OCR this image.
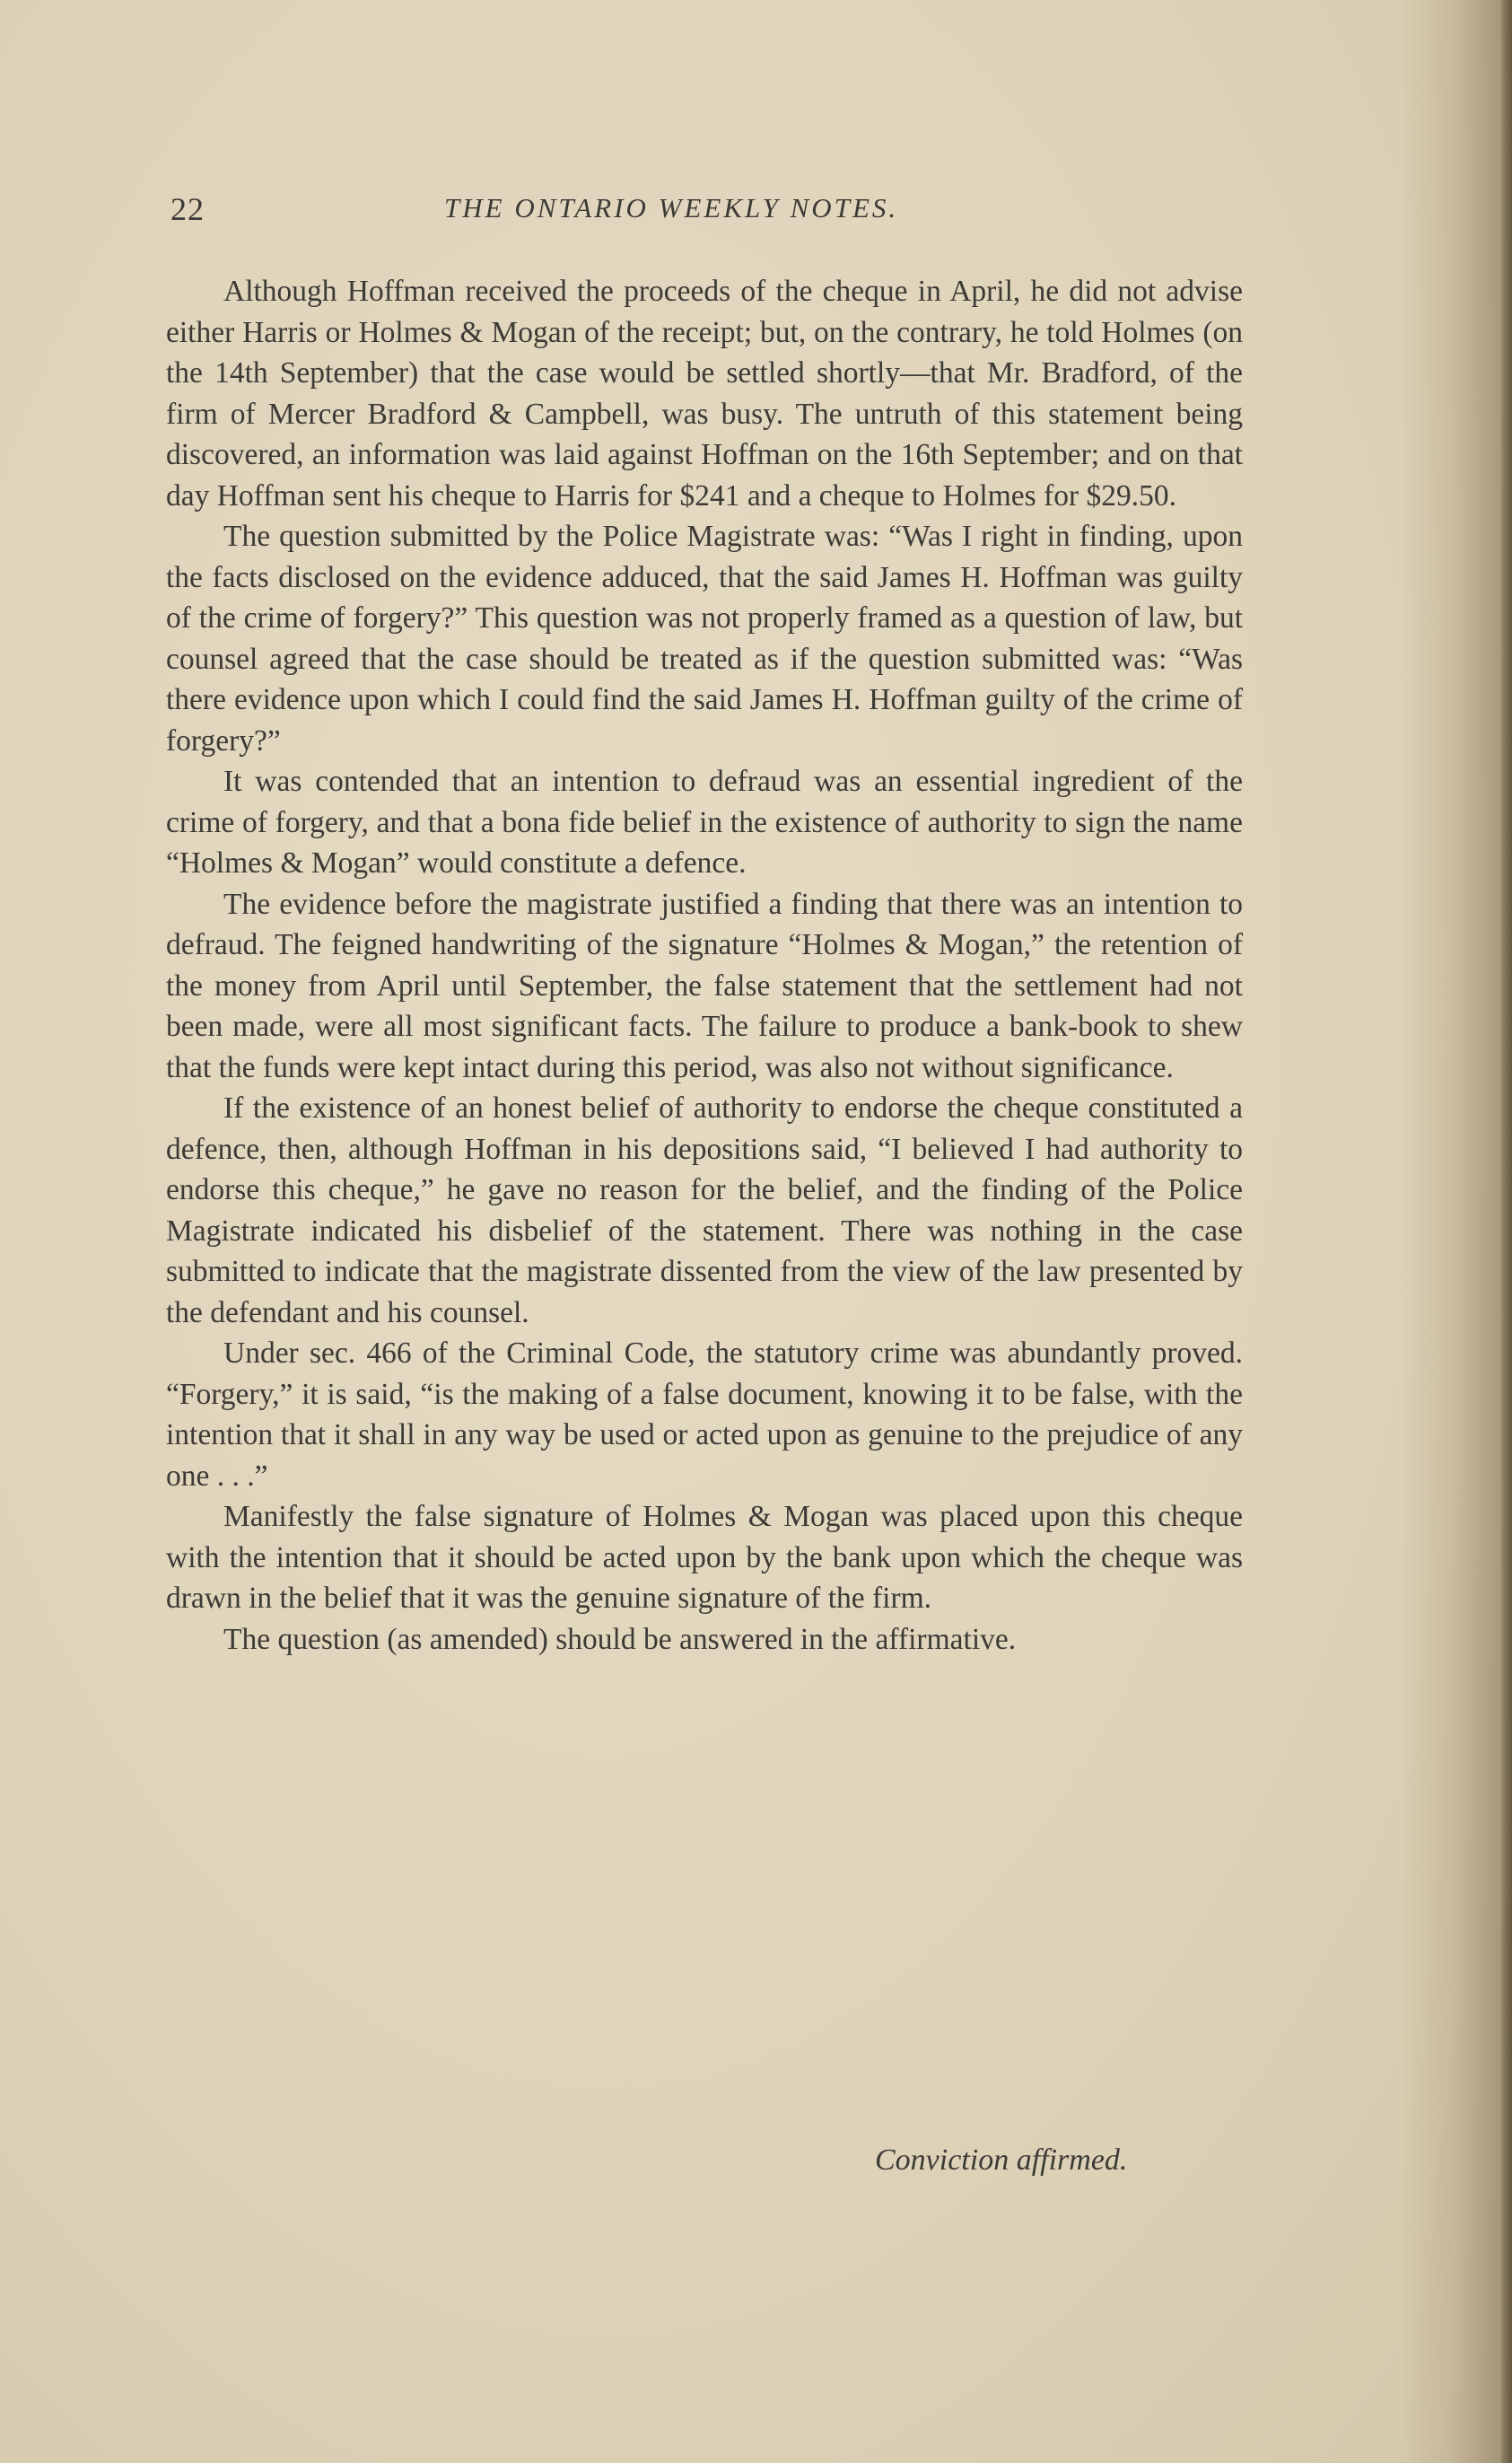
22	THE ONTARIO WEEKLY NOTES.

Although Hoffman received the proceeds of the cheque in April, he did not advise either Harris or Holmes & Mogan of the receipt; but, on the contrary, he told Holmes (on the 14th September) that the case would be settled shortly—that Mr. Bradford, of the firm of Mercer Bradford & Campbell, was busy. The untruth of this statement being discovered, an information was laid against Hoffman on the 16th September; and on that day Hoffman sent his cheque to Harris for $241 and a cheque to Holmes for $29.50.

The question submitted by the Police Magistrate was: “Was I right in finding, upon the facts disclosed on the evidence adduced, that the said James H. Hoffman was guilty of the crime of forgery?” This question was not properly framed as a question of law, but counsel agreed that the case should be treated as if the question submitted was: “Was there evidence upon which I could find the said James H. Hoffman guilty of the crime of forgery?”

It was contended that an intention to defraud was an essential ingredient of the crime of forgery, and that a bona fide belief in the existence of authority to sign the name “Holmes & Mogan” would constitute a defence.

The evidence before the magistrate justified a finding that there was an intention to defraud. The feigned handwriting of the signature “Holmes & Mogan,” the retention of the money from April until September, the false statement that the settlement had not been made, were all most significant facts. The failure to produce a bank-book to shew that the funds were kept intact during this period, was also not without significance.

If the existence of an honest belief of authority to endorse the cheque constituted a defence, then, although Hoffman in his depositions said, “I believed I had authority to endorse this cheque,” he gave no reason for the belief, and the finding of the Police Magistrate indicated his disbelief of the statement. There was nothing in the case submitted to indicate that the magistrate dissented from the view of the law presented by the defendant and his counsel.

Under sec. 466 of the Criminal Code, the statutory crime was abundantly proved. “Forgery,” it is said, “is the making of a false document, knowing it to be false, with the intention that it shall in any way be used or acted upon as genuine to the prejudice of any one . . .”

Manifestly the false signature of Holmes & Mogan was placed upon this cheque with the intention that it should be acted upon by the bank upon which the cheque was drawn in the belief that it was the genuine signature of the firm.

The question (as amended) should be answered in the affirmative.

Conviction affirmed.
